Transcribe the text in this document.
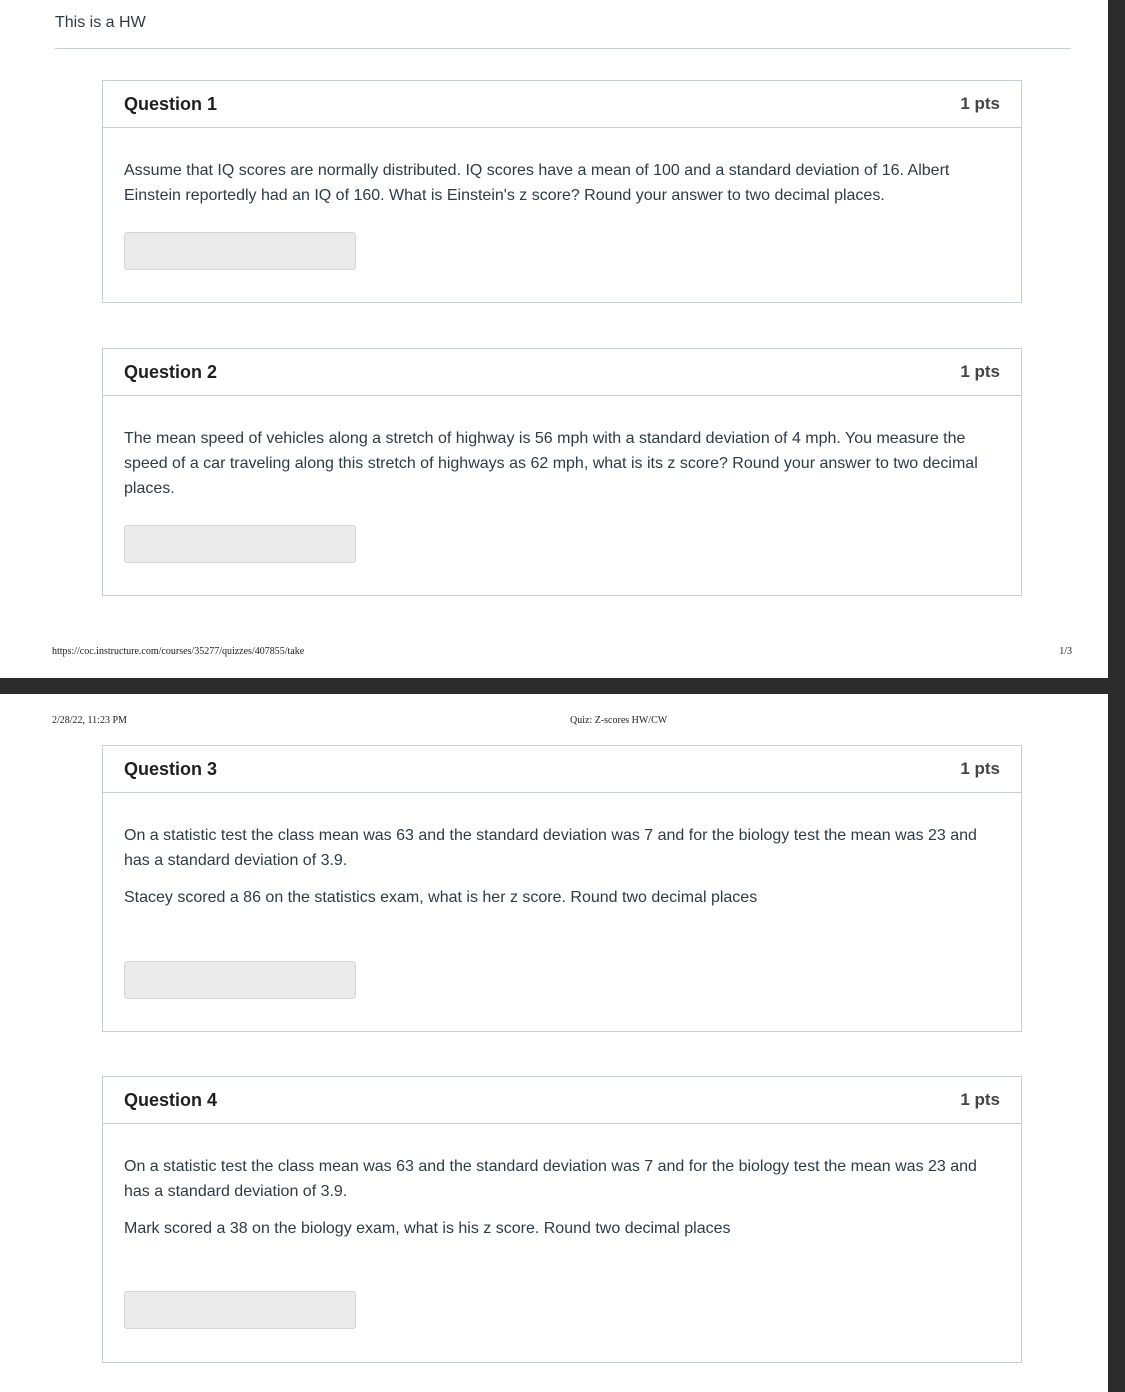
This is a HW
Question 1	1 pts

Assume that IQ scores are normally distributed. IQ scores have a mean of 100 and a standard deviation of 16. Albert Einstein reportedly had an IQ of 160. What is Einstein's z score? Round your answer to two decimal places.

Question 2	1 pts

The mean speed of vehicles along a stretch of highway is 56 mph with a standard deviation of 4 mph. You measure the speed of a car traveling along this stretch of highways as 62 mph, what is its z score? Round your answer to two decimal places.

https://coc.instructure.com/courses/35277/quizzes/407855/take	1/3
2/28/22, 11:23 PM	Quiz: Z-scores HW/CW
Question 3	1 pts

On a statistic test the class mean was 63 and the standard deviation was 7 and for the biology test the mean was 23 and has a standard deviation of 3.9.

Stacey scored a 86 on the statistics exam, what is her z score. Round two decimal places

Question 4	1 pts

On a statistic test the class mean was 63 and the standard deviation was 7 and for the biology test the mean was 23 and has a standard deviation of 3.9.

Mark scored a 38 on the biology exam, what is his z score. Round two decimal places
